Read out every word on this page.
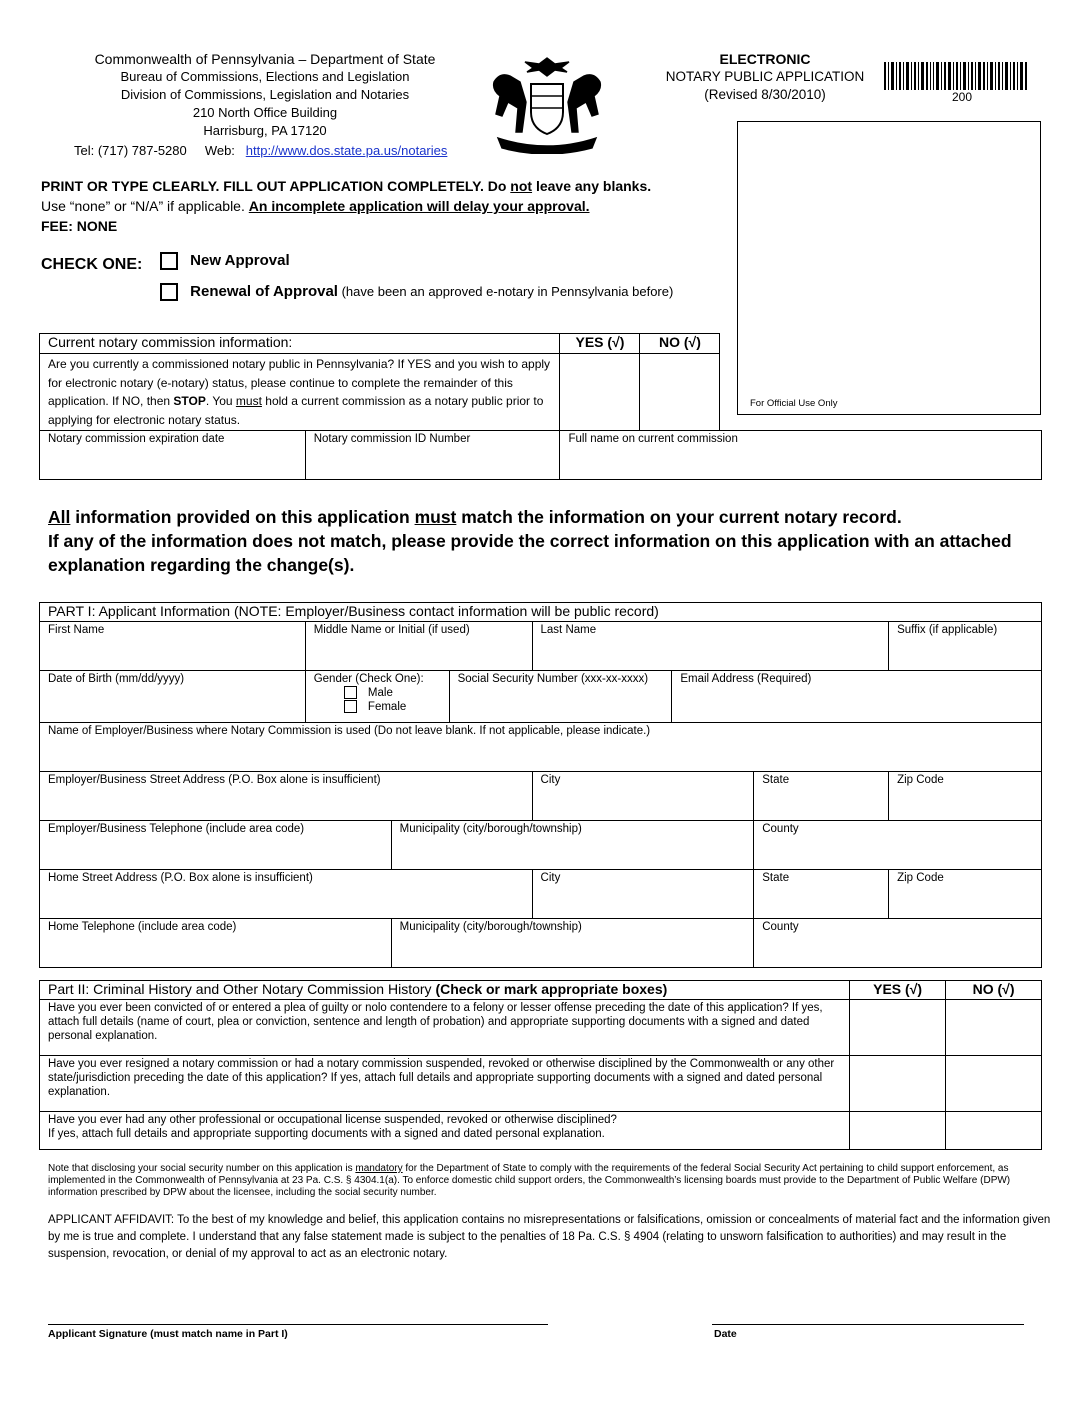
Commonwealth of Pennsylvania – Department of State
Bureau of Commissions, Elections and Legislation
Division of Commissions, Legislation and Notaries
210 North Office Building
Harrisburg, PA 17120
Tel: (717) 787-5280 Web: http://www.dos.state.pa.us/notaries
ELECTRONIC
NOTARY PUBLIC APPLICATION
(Revised 8/30/2010)	200
For Official Use Only
PRINT OR TYPE CLEARLY. FILL OUT APPLICATION COMPLETELY. Do not leave any blanks.
Use “none” or “N/A” if applicable. An incomplete application will delay your approval.
FEE: NONE
CHECK ONE:	New Approval
Renewal of Approval (have been an approved e-notary in Pennsylvania before)
Current notary commission information:		YES (√)	NO (√)	
Are you currently a commissioned notary public in Pennsylvania? If YES and you wish to apply for electronic notary (e-notary) status, please continue to complete the remainder of this application. If NO, then STOP. You must hold a current commission as a notary public prior to applying for electronic notary status.				
Notary commission expiration date	Notary commission ID Number	Full name on current commission		
All information provided on this application must match the information on your current notary record.
If any of the information does not match, please provide the correct information on this application with an attached
explanation regarding the change(s).
PART I: Applicant Information (NOTE: Employer/Business contact information will be public record)							
First Name	Middle Name or Initial (if used)			Last Name			Suffix (if applicable)
Date of Birth (mm/dd/yyyy)	Gender (Check One):
Male
Female		Social Security Number (xxx-xx-xxxx)		Email Address (Required)		
Name of Employer/Business where Notary Commission is used (Do not leave blank. If not applicable, please indicate.)							
Employer/Business Street Address (P.O. Box alone is insufficient)				City		State	Zip Code
Employer/Business Telephone (include area code)		Municipality (city/borough/township)				County	
Home Street Address (P.O. Box alone is insufficient)				City		State	Zip Code
Home Telephone (include area code)		Municipality (city/borough/township)				County	
Part II: Criminal History and Other Notary Commission History (Check or mark appropriate boxes)	YES (√)	NO (√)
Have you ever been convicted of or entered a plea of guilty or nolo contendere to a felony or lesser offense preceding the date of this application? If yes, attach full details (name of court, plea or conviction, sentence and length of probation) and appropriate supporting documents with a signed and dated personal explanation.		
Have you ever resigned a notary commission or had a notary commission suspended, revoked or otherwise disciplined by the Commonwealth or any other state/jurisdiction preceding the date of this application? If yes, attach full details and appropriate supporting documents with a signed and dated personal explanation.		

Have you ever had any other professional or occupational license suspended, revoked or otherwise disciplined?
If yes, attach full details and appropriate supporting documents with a signed and dated personal explanation.		

Note that disclosing your social security number on this application is mandatory for the Department of State to comply with the requirements of the federal Social Security Act pertaining to child support enforcement, as implemented in the Commonwealth of Pennsylvania at 23 Pa. C.S. § 4304.1(a). To enforce domestic child support orders, the Commonwealth’s licensing boards must provide to the Department of Public Welfare (DPW) information prescribed by DPW about the licensee, including the social security number.
APPLICANT AFFIDAVIT: To the best of my knowledge and belief, this application contains no misrepresentations or falsifications, omission or concealments of material fact and the information given by me is true and complete. I understand that any false statement made is subject to the penalties of 18 Pa. C.S. § 4904 (relating to unsworn falsification to authorities) and may result in the suspension, revocation, or denial of my approval to act as an electronic notary.
Applicant Signature (must match name in Part I)	Date
